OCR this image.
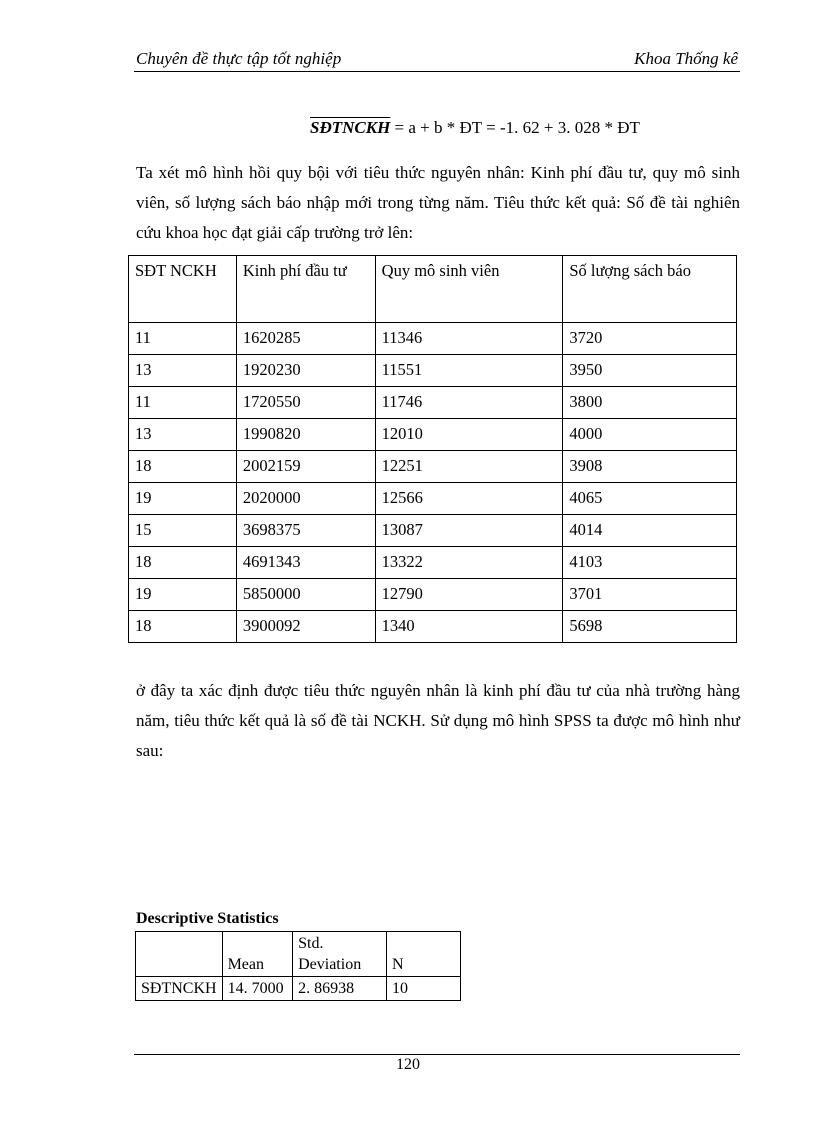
Chuyên đề thực tập tốt nghiệp	Khoa Thống kê
SĐTNCKH = a + b * ĐT = -1. 62 + 3. 028 * ĐT

Ta xét mô hình hồi quy bội với tiêu thức nguyên nhân: Kinh phí đầu tư, quy mô sinh viên, số lượng sách báo nhập mới trong từng năm. Tiêu thức kết quả: Số đề tài nghiên cứu khoa học đạt giải cấp trường trở lên:

SĐT NCKH	Kinh phí đầu tư	Quy mô sinh viên	Số lượng sách báo
11	1620285	11346	3720
13	1920230	11551	3950
11	1720550	11746	3800
13	1990820	12010	4000
18	2002159	12251	3908
19	2020000	12566	4065
15	3698375	13087	4014
18	4691343	13322	4103
19	5850000	12790	3701
18	3900092	1340	5698

ở đây ta xác định được tiêu thức nguyên nhân là kinh phí đầu tư của nhà trường hàng năm, tiêu thức kết quả là số đề tài NCKH. Sử dụng mô hình SPSS ta được mô hình như sau:

Descriptive Statistics
	Mean	Std. Deviation	N
SĐTNCKH	14. 7000	2. 86938	10
120
